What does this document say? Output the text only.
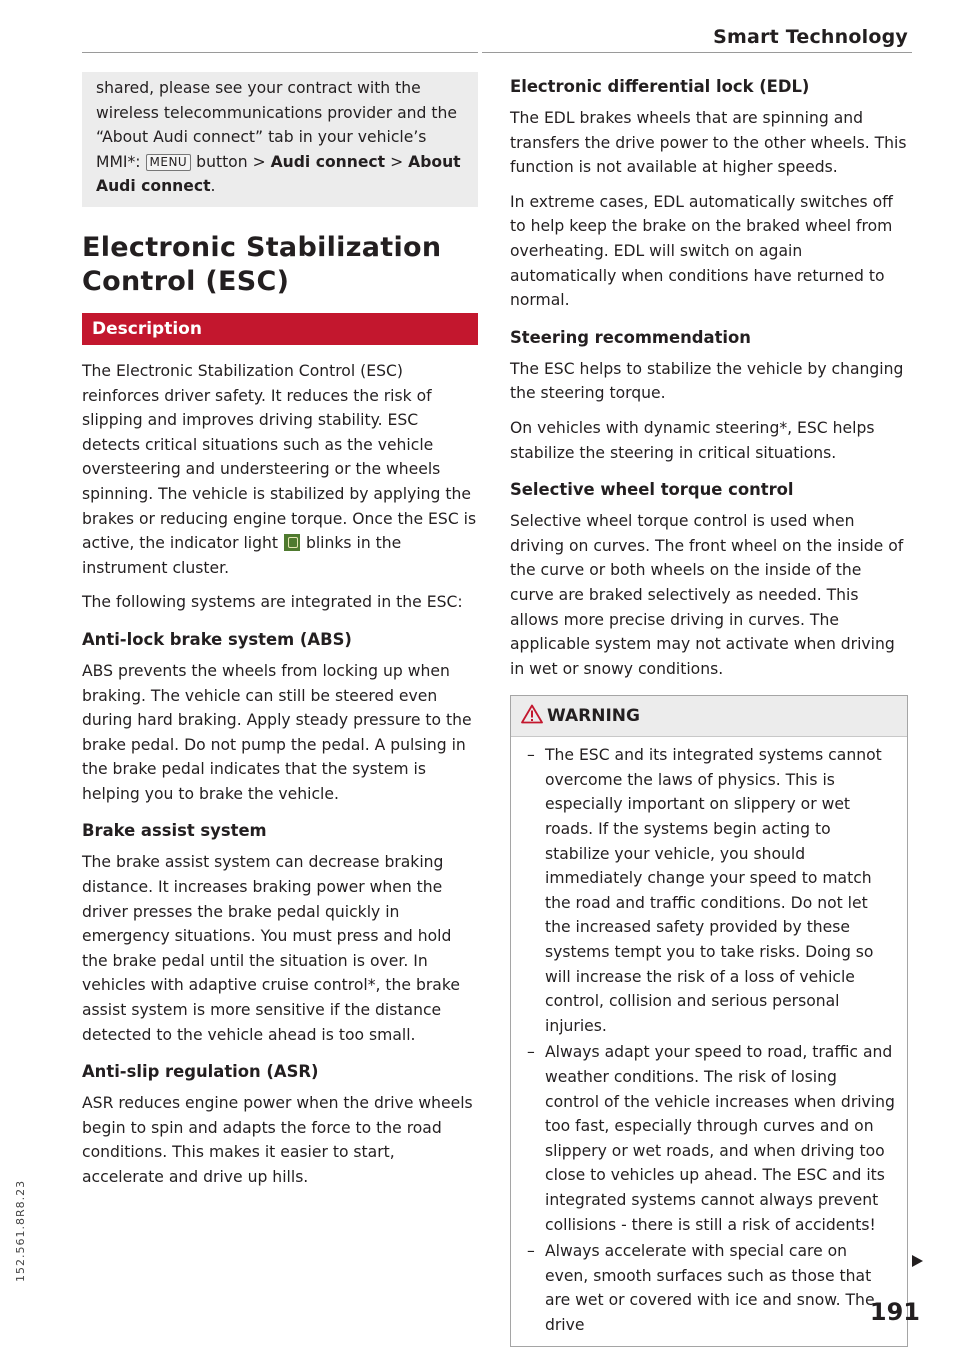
Smart Technology

shared, please see your contract with the wireless telecommunications provider and the “About Audi connect” tab in your vehicle’s MMI*: MENU button > Audi connect > About Audi connect.

Electronic Stabilization Control (ESC)
Description

The Electronic Stabilization Control (ESC) reinforces driver safety. It reduces the risk of slipping and improves driving stability. ESC detects critical situations such as the vehicle oversteering and understeering or the wheels spinning. The vehicle is stabilized by applying the brakes or reducing engine torque. Once the ESC is active, the indicator light  blinks in the instrument cluster.

The following systems are integrated in the ESC:

Anti-lock brake system (ABS)

ABS prevents the wheels from locking up when braking. The vehicle can still be steered even during hard braking. Apply steady pressure to the brake pedal. Do not pump the pedal. A pulsing in the brake pedal indicates that the system is helping you to brake the vehicle.

Brake assist system

The brake assist system can decrease braking distance. It increases braking power when the driver presses the brake pedal quickly in emergency situations. You must press and hold the brake pedal until the situation is over. In vehicles with adaptive cruise control*, the brake assist system is more sensitive if the distance detected to the vehicle ahead is too small.

Anti-slip regulation (ASR)

ASR reduces engine power when the drive wheels begin to spin and adapts the force to the road conditions. This makes it easier to start, accelerate and drive up hills.

Electronic differential lock (EDL)

The EDL brakes wheels that are spinning and transfers the drive power to the other wheels. This function is not available at higher speeds.

In extreme cases, EDL automatically switches off to help keep the brake on the braked wheel from overheating. EDL will switch on again automatically when conditions have returned to normal.

Steering recommendation

The ESC helps to stabilize the vehicle by changing the steering torque.

On vehicles with dynamic steering*, ESC helps stabilize the steering in critical situations.

Selective wheel torque control

Selective wheel torque control is used when driving on curves. The front wheel on the inside of the curve or both wheels on the inside of the curve are braked selectively as needed. This allows more precise driving in curves. The applicable system may not activate when driving in wet or snowy conditions.

WARNING
– The ESC and its integrated systems cannot overcome the laws of physics. This is especially important on slippery or wet roads. If the systems begin acting to stabilize your vehicle, you should immediately change your speed to match the road and traffic conditions. Do not let the increased safety provided by these systems tempt you to take risks. Doing so will increase the risk of a loss of vehicle control, collision and serious personal injuries.
– Always adapt your speed to road, traffic and weather conditions. The risk of losing control of the vehicle increases when driving too fast, especially through curves and on slippery or wet roads, and when driving too close to vehicles up ahead. The ESC and its integrated systems cannot always prevent collisions - there is still a risk of accidents!
– Always accelerate with special care on even, smooth surfaces such as those that are wet or covered with ice and snow. The drive	191
152.561.8R8.23
